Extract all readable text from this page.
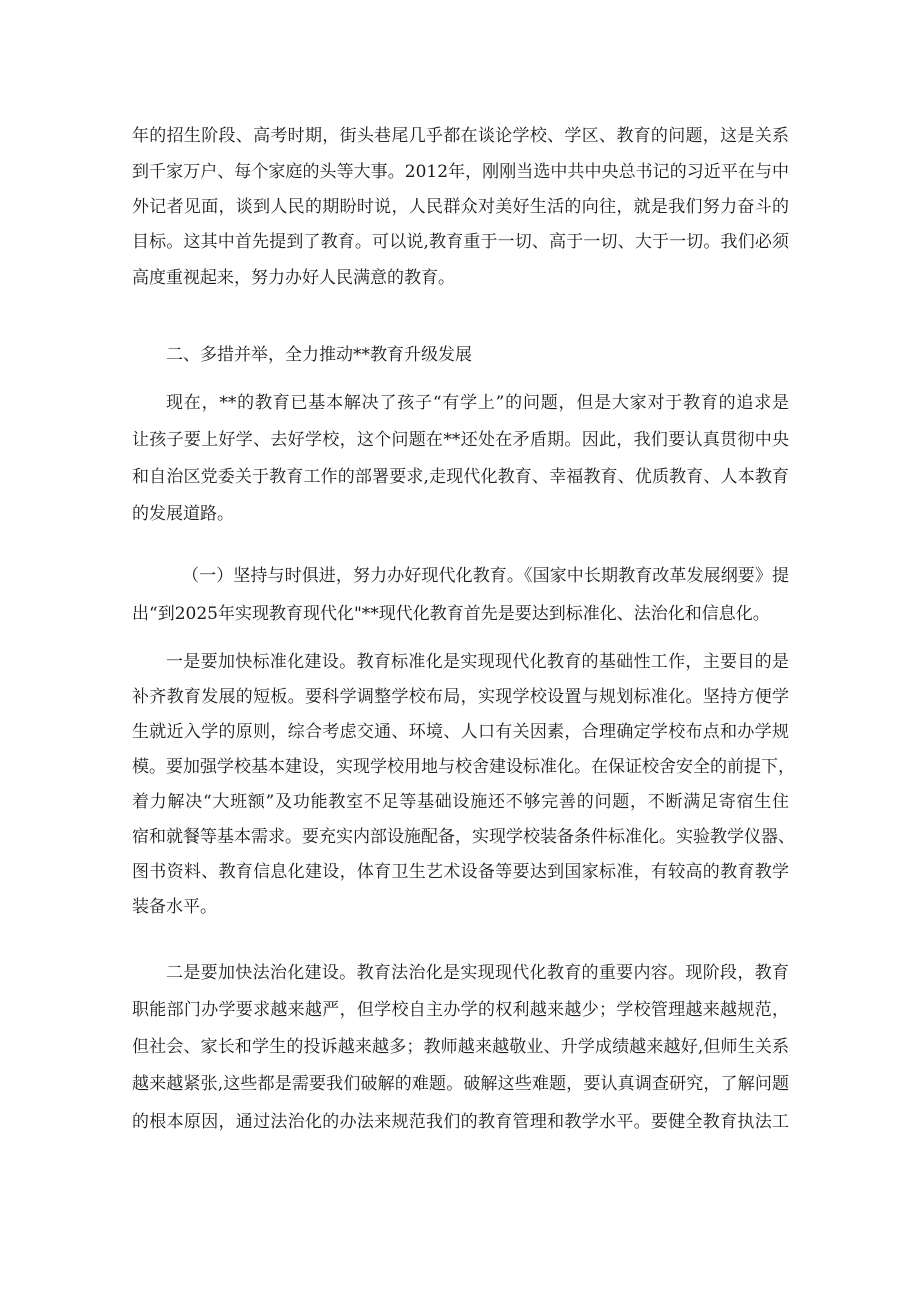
年的招生阶段、高考时期，街头巷尾几乎都在谈论学校、学区、教育的问题，这是关系
到千家万户、每个家庭的头等大事。2012年，刚刚当选中共中央总书记的习近平在与中
外记者见面，谈到人民的期盼时说，人民群众对美好生活的向往，就是我们努力奋斗的
目标。这其中首先提到了教育。可以说,教育重于一切、高于一切、大于一切。我们必须
高度重视起来，努力办好人民满意的教育。
二、多措并举，全力推动**教育升级发展
现在，**的教育已基本解决了孩子“有学上”的问题，但是大家对于教育的追求是
让孩子要上好学、去好学校，这个问题在**还处在矛盾期。因此，我们要认真贯彻中央
和自治区党委关于教育工作的部署要求,走现代化教育、幸福教育、优质教育、人本教育
的发展道路。
（一）坚持与时俱进，努力办好现代化教育。《国家中长期教育改革发展纲要》提
出“到2025年实现教育现代化"**现代化教育首先是要达到标准化、法治化和信息化。
一是要加快标准化建设。教育标准化是实现现代化教育的基础性工作，主要目的是
补齐教育发展的短板。要科学调整学校布局，实现学校设置与规划标准化。坚持方便学
生就近入学的原则，综合考虑交通、环境、人口有关因素，合理确定学校布点和办学规
模。要加强学校基本建设，实现学校用地与校舍建设标准化。在保证校舍安全的前提下，
着力解决“大班额”及功能教室不足等基础设施还不够完善的问题，不断满足寄宿生住
宿和就餐等基本需求。要充实内部设施配备，实现学校装备条件标准化。实验教学仪器、
图书资料、教育信息化建设，体育卫生艺术设备等要达到国家标准，有较高的教育教学
装备水平。
二是要加快法治化建设。教育法治化是实现现代化教育的重要内容。现阶段，教育
职能部门办学要求越来越严，但学校自主办学的权利越来越少；学校管理越来越规范，
但社会、家长和学生的投诉越来越多；教师越来越敬业、升学成绩越来越好,但师生关系
越来越紧张,这些都是需要我们破解的难题。破解这些难题，要认真调查研究，了解问题
的根本原因，通过法治化的办法来规范我们的教育管理和教学水平。要健全教育执法工
